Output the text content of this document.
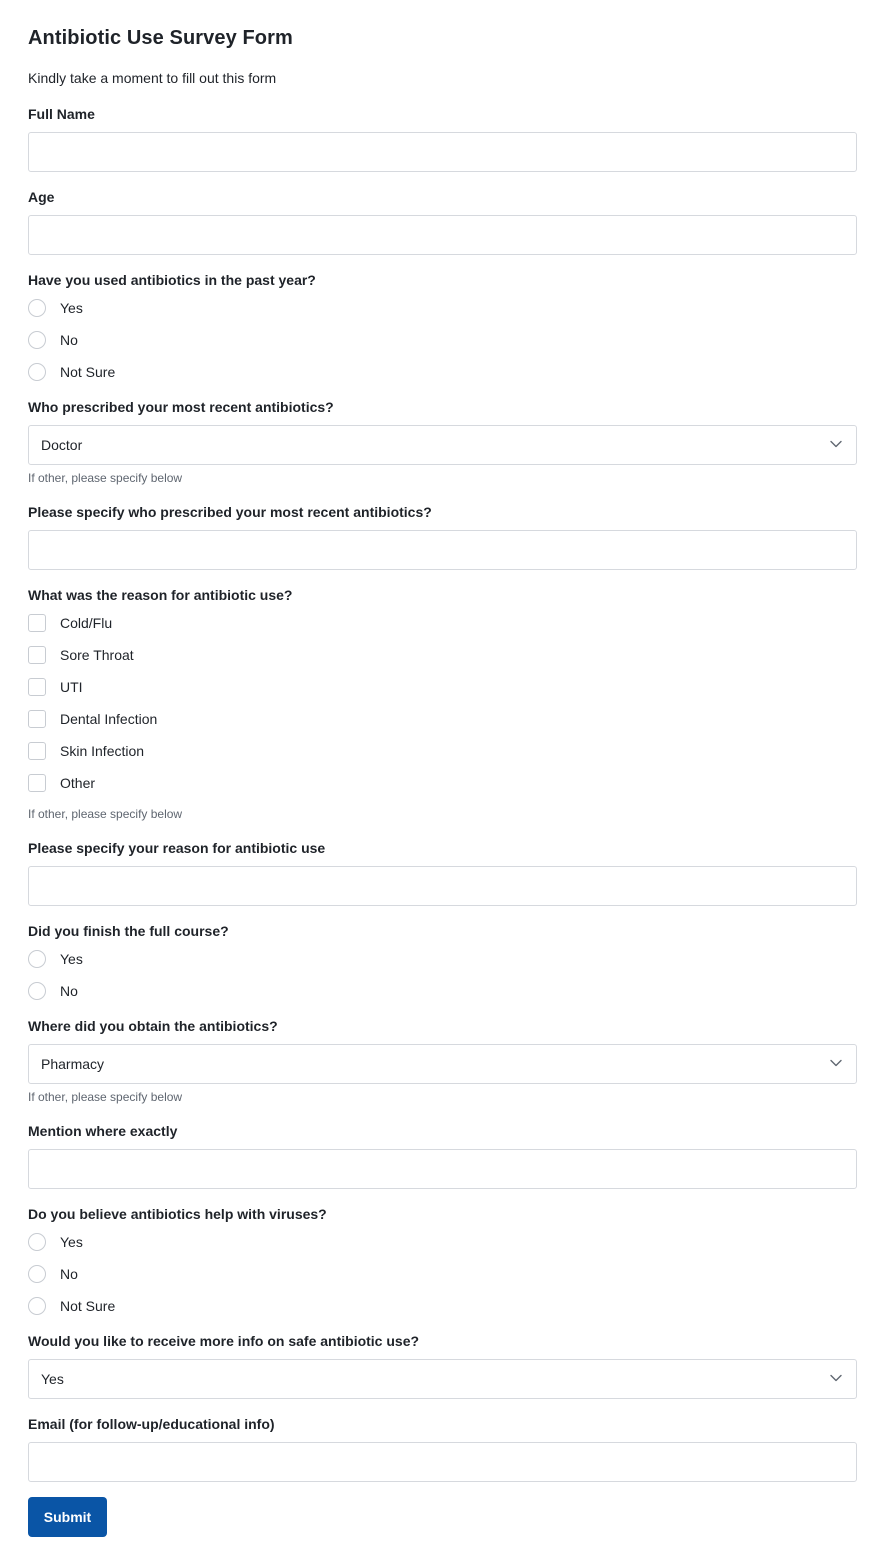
Antibiotic Use Survey Form
Kindly take a moment to fill out this form
Full Name
Age
Have you used antibiotics in the past year?
Yes
No
Not Sure
Who prescribed your most recent antibiotics?
Doctor
If other, please specify below
Please specify who prescribed your most recent antibiotics?
What was the reason for antibiotic use?
Cold/Flu
Sore Throat
UTI
Dental Infection
Skin Infection
Other
If other, please specify below
Please specify your reason for antibiotic use
Did you finish the full course?
Yes
No
Where did you obtain the antibiotics?
Pharmacy
If other, please specify below
Mention where exactly
Do you believe antibiotics help with viruses?
Yes
No
Not Sure
Would you like to receive more info on safe antibiotic use?
Yes
Email (for follow-up/educational info)
Submit
